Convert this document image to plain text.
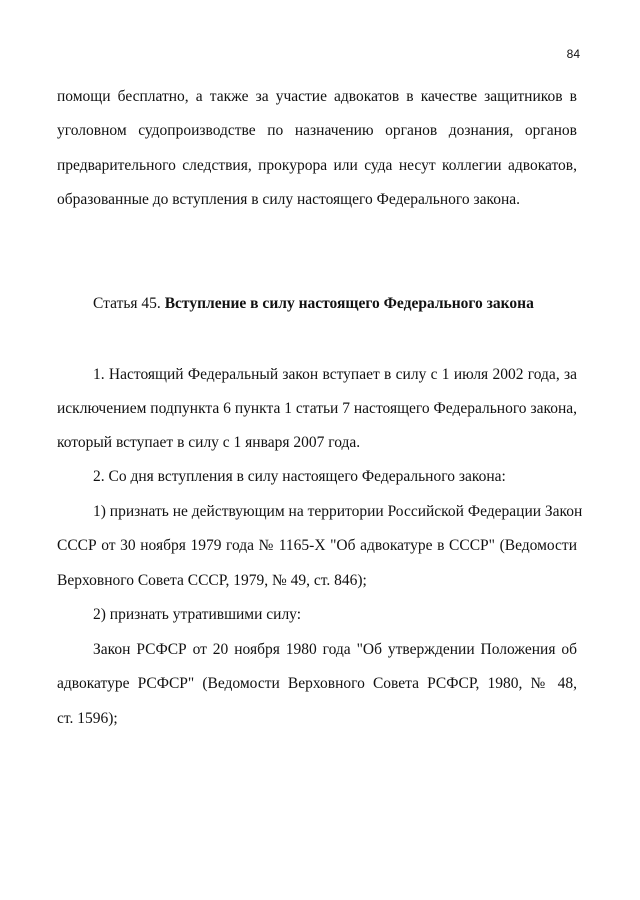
84
помощи бесплатно, а также за участие адвокатов в качестве защитников в
уголовном судопроизводстве по назначению органов дознания, органов
предварительного следствия, прокурора или суда несут коллегии адвокатов,
образованные до вступления в силу настоящего Федерального закона.
Статья 45. Вступление в силу настоящего Федерального закона
1. Настоящий Федеральный закон вступает в силу с 1 июля 2002 года, за
исключением подпункта 6 пункта 1 статьи 7 настоящего Федерального закона,
который вступает в силу с 1 января 2007 года.
2. Со дня вступления в силу настоящего Федерального закона:
1) признать не действующим на территории Российской Федерации Закон
СССР от 30 ноября 1979 года № 1165-Х "Об адвокатуре в СССР" (Ведомости
Верховного Совета СССР, 1979, № 49, ст. 846);
2) признать утратившими силу:
Закон РСФСР от 20 ноября 1980 года "Об утверждении Положения об
адвокатуре РСФСР" (Ведомости Верховного Совета РСФСР, 1980, № 48,
ст. 1596);
